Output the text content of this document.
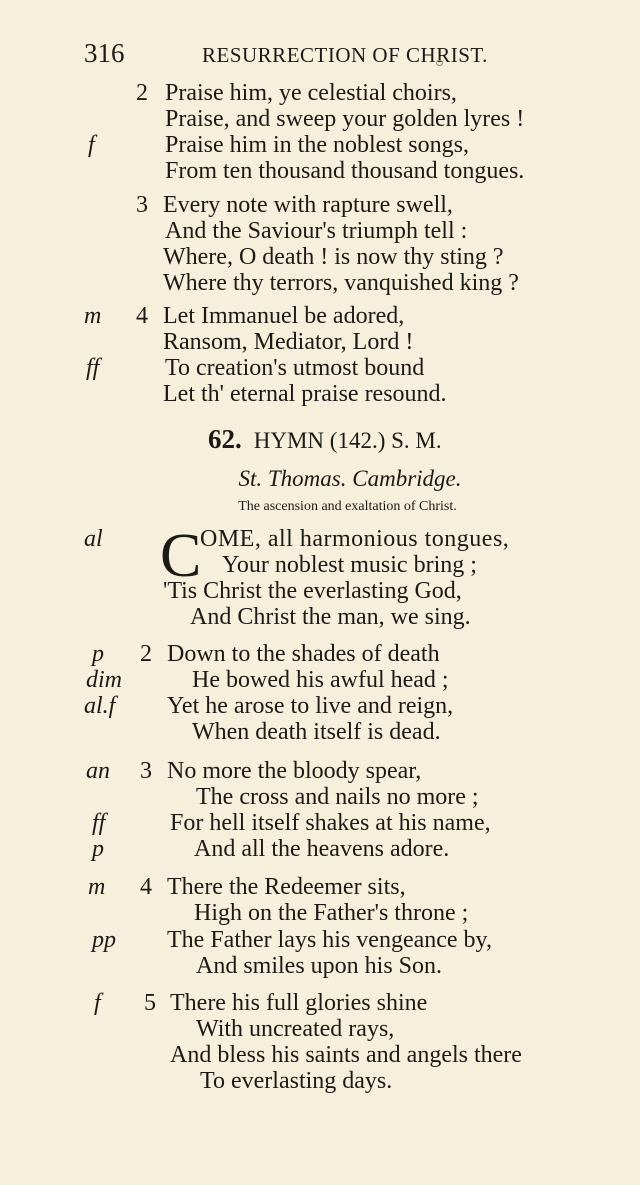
316	RESURRECTION OF CHRIST.
2 Praise him, ye celestial choirs,
Praise, and sweep your golden lyres !
f	Praise him in the noblest songs,
From ten thousand thousand tongues.
3 Every note with rapture swell,
And the Saviour's triumph tell :
Where, O death ! is now thy sting ?
Where thy terrors, vanquished king ?
m 4 Let Immanuel be adored,
Ransom, Mediator, Lord !
ff	To creation's utmost bound
Let th' eternal praise resound.
62. HYMN (142.) S. M.
St. Thomas. Cambridge.
The ascension and exaltation of Christ.
al C
OME, all harmonious tongues,
Your noblest music bring ;
'Tis Christ the everlasting God,
And Christ the man, we sing.
p 2 Down to the shades of death
dim	He bowed his awful head ;
al.f Yet he arose to live and reign,
When death itself is dead.
an 3 No more the bloody spear,
The cross and nails no more ;
ff	For hell itself shakes at his name,
p	And all the heavens adore.
m 4 There the Redeemer sits,
High on the Father's throne ;
pp The Father lays his vengeance by,
And smiles upon his Son.
f 5 There his full glories shine
With uncreated rays,
And bless his saints and angels there
To everlasting days.
